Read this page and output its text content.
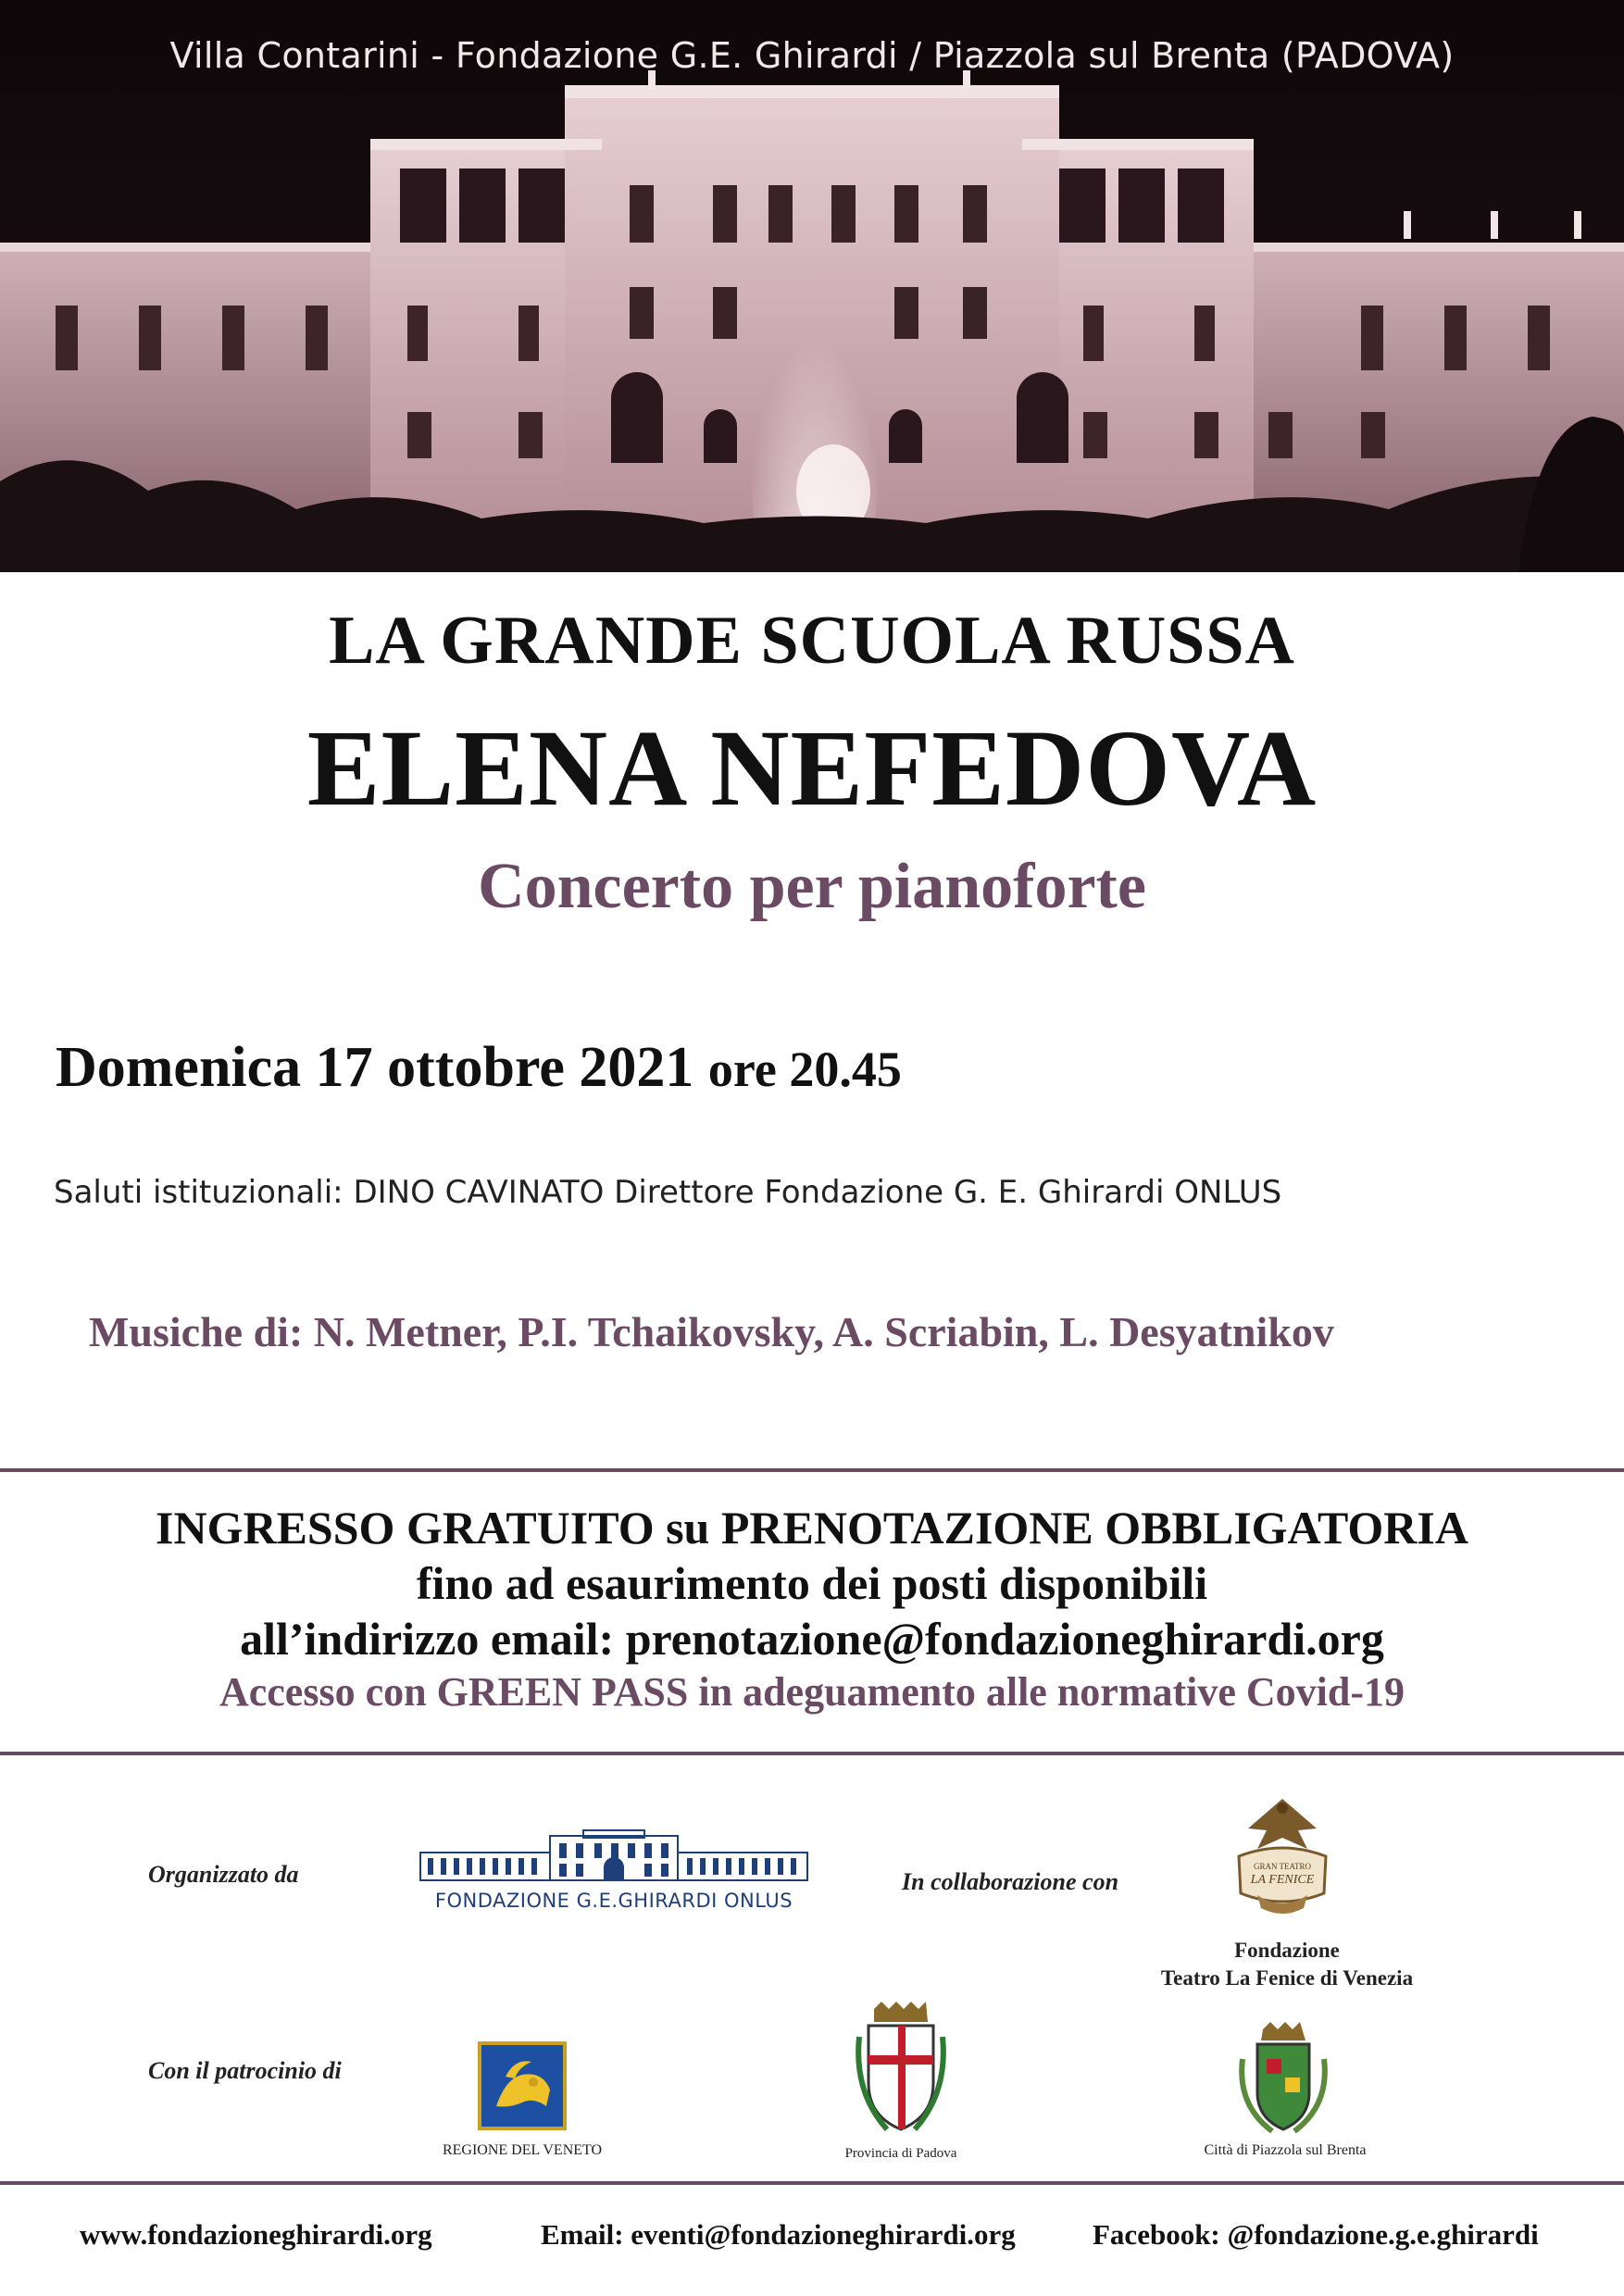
Villa Contarini - Fondazione G.E. Ghirardi / Piazzola sul Brenta (PADOVA)
LA GRANDE SCUOLA RUSSA
ELENA NEFEDOVA
Concerto per pianoforte
Domenica 17 ottobre 2021 ore 20.45
Saluti istituzionali: DINO CAVINATO Direttore Fondazione G. E. Ghirardi ONLUS
Musiche di: N. Metner, P.I. Tchaikovsky, A. Scriabin, L. Desyatnikov
INGRESSO GRATUITO su PRENOTAZIONE OBBLIGATORIA
fino ad esaurimento dei posti disponibili
all’indirizzo email: prenotazione@fondazioneghirardi.org
Accesso con GREEN PASS in adeguamento alle normative Covid-19
Organizzato da
FONDAZIONE G.E.GHIRARDI ONLUS
In collaborazione con
GRAN TEATRO
LA FENICE
Fondazione
Teatro La Fenice di Venezia
Con il patrocinio di
REGIONE DEL VENETO	Provincia di Padova	Città di Piazzola sul Brenta
www.fondazioneghirardi.org	Email: eventi@fondazioneghirardi.org	Facebook: @fondazione.g.e.ghirardi
